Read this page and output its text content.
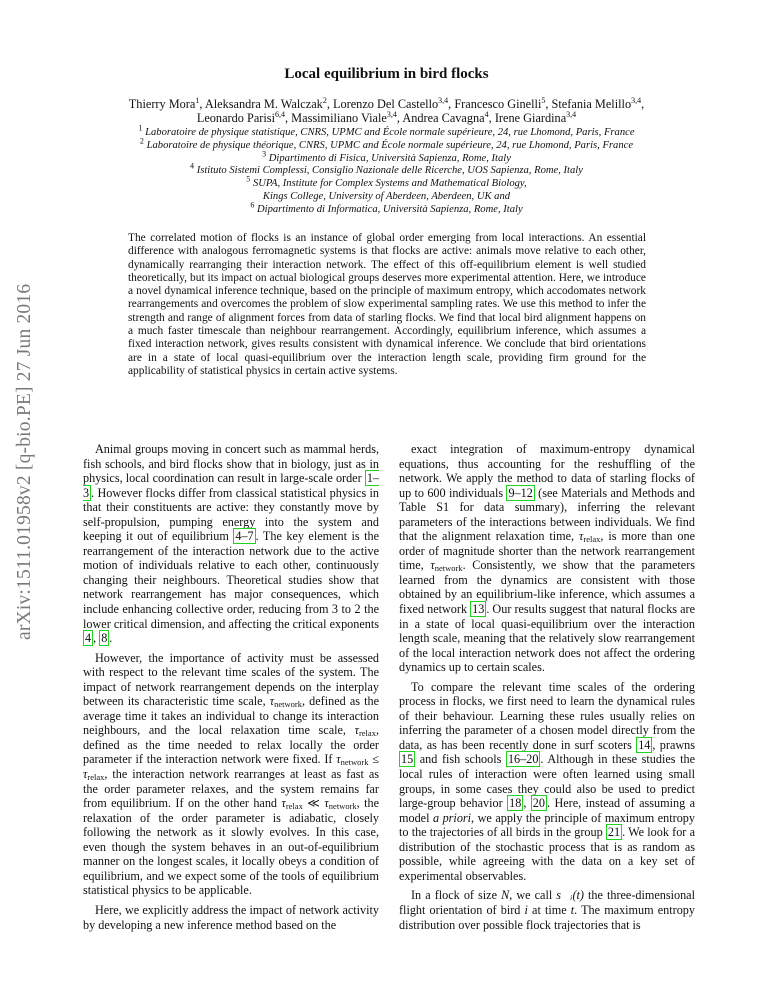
arXiv:1511.01958v2 [q-bio.PE] 27 Jun 2016
Local equilibrium in bird flocks
Thierry Mora$^1$, Aleksandra M. Walczak$^2$, Lorenzo Del Castello$^{3,4}$, Francesco Ginelli$^5$, Stefania Melillo$^{3,4}$, Leonardo Parisi$^{6,4}$, Massimiliano Viale$^{3,4}$, Andrea Cavagna$^4$, Irene Giardina$^{3,4}$
$^1$ Laboratoire de physique statistique, CNRS, UPMC and École normale supérieure, 24, rue Lhomond, Paris, France
$^2$ Laboratoire de physique théorique, CNRS, UPMC and École normale supérieure, 24, rue Lhomond, Paris, France
$^3$ Dipartimento di Fisica, Università Sapienza, Rome, Italy
$^4$ Istituto Sistemi Complessi, Consiglio Nazionale delle Ricerche, UOS Sapienza, Rome, Italy
$^5$ SUPA, Institute for Complex Systems and Mathematical Biology,
Kings College, University of Aberdeen, Aberdeen, UK and
$^6$ Dipartimento di Informatica, Università Sapienza, Rome, Italy
The correlated motion of flocks is an instance of global order emerging from local interactions. An essential difference with analogous ferromagnetic systems is that flocks are active: animals move relative to each other, dynamically rearranging their interaction network. The effect of this off-equilibrium element is well studied theoretically, but its impact on actual biological groups deserves more experimental attention. Here, we introduce a novel dynamical inference technique, based on the principle of maximum entropy, which accodomates network rearrangements and overcomes the problem of slow experimental sampling rates. We use this method to infer the strength and range of alignment forces from data of starling flocks. We find that local bird alignment happens on a much faster timescale than neighbour rearrangement. Accordingly, equilibrium inference, which assumes a fixed interaction network, gives results consistent with dynamical inference. We conclude that bird orientations are in a state of local quasi-equilibrium over the interaction length scale, providing firm ground for the applicability of statistical physics in certain active systems.

Animal groups moving in concert such as mammal herds, fish schools, and bird flocks show that in biology, just as in physics, local coordination can result in large-scale order 1–3 . However flocks differ from classical statistical physics in that their constituents are active: they constantly move by self-propulsion, pumping energy into the system and keeping it out of equilibrium 4–7 . The key element is the rearrangement of the interaction network due to the active motion of individuals relative to each other, continuously changing their neighbours. Theoretical studies show that network rearrangement has major consequences, which include enhancing collective order, reducing from 3 to 2 the lower critical dimension, and affecting the critical exponents 4 , 8 .

However, the importance of activity must be assessed with respect to the relevant time scales of the system. The impact of network rearrangement depends on the interplay between its characteristic time scale, $\tau_{network}$, defined as the average time it takes an individual to change its interaction neighbours, and the local relaxation time scale, $\tau_{relax}$, defined as the time needed to relax locally the order parameter if the interaction network were fixed. If $\tau_{network} \le \tau_{relax}$, the interaction network rearranges at least as fast as the order parameter relaxes, and the system remains far from equilibrium. If on the other hand $\tau_{relax}$ ≪ $\tau_{network}$, the relaxation of the order parameter is adiabatic, closely following the network as it slowly evolves. In this case, even though the system behaves in an out-of-equilibrium manner on the longest scales, it locally obeys a condition of equilibrium, and we expect some of the tools of equilibrium statistical physics to be applicable.

Here, we explicitly address the impact of network activity by developing a new inference method based on the

exact integration of maximum-entropy dynamical equations, thus accounting for the reshuffling of the network. We apply the method to data of starling flocks of up to 600 individuals 9–12 (see Materials and Methods and Table S1 for data summary), inferring the relevant parameters of the interactions between individuals. We find that the alignment relaxation time, $\tau_{relax}$, is more than one order of magnitude shorter than the network rearrangement time, $\tau_{network}$. Consistently, we show that the parameters learned from the dynamics are consistent with those obtained by an equilibrium-like inference, which assumes a fixed network 13 . Our results suggest that natural flocks are in a state of local quasi-equilibrium over the interaction length scale, meaning that the relatively slow rearrangement of the local interaction network does not affect the ordering dynamics up to certain scales.

To compare the relevant time scales of the ordering process in flocks, we first need to learn the dynamical rules of their behaviour. Learning these rules usually relies on inferring the parameter of a chosen model directly from the data, as has been recently done in surf scoters 14 , prawns 15 and fish schools 16–20 . Although in these studies the local rules of interaction were often learned using small groups, in some cases they could also be used to predict large-group behavior 18 , 20 . Here, instead of assuming a model a priori, we apply the principle of maximum entropy to the trajectories of all birds in the group 21 . We look for a distribution of the stochastic process that is as random as possible, while agreeing with the data on a key set of experimental observables.

In a flock of size N, we call s⃗ᵢ(t) the three-dimensional flight orientation of bird i at time t. The maximum entropy distribution over possible flock trajectories that is
